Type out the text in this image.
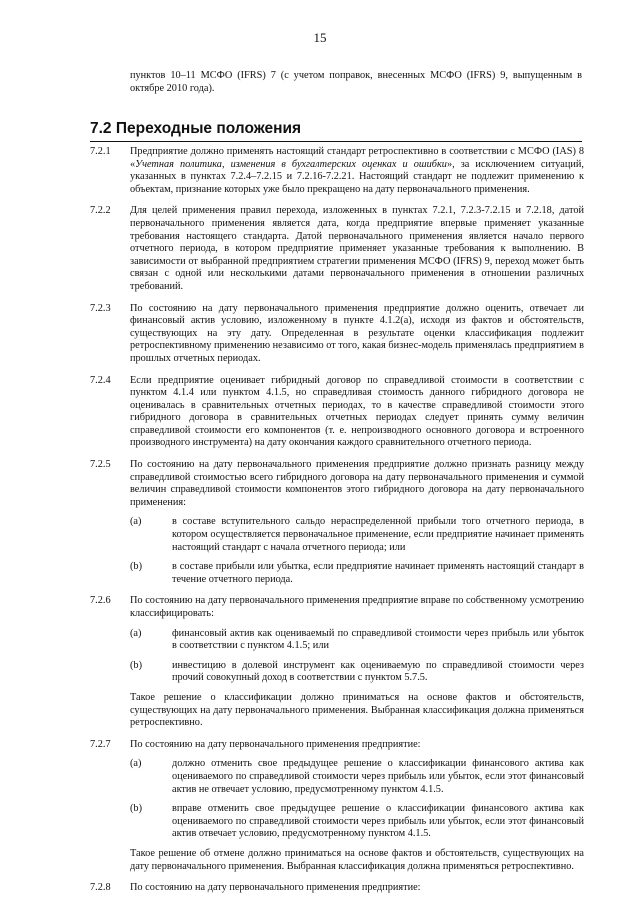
15
пунктов 10–11 МСФО (IFRS) 7 (с учетом поправок, внесенных МСФО (IFRS) 9, выпущенным в октябре 2010 года).
7.2 Переходные положения
7.2.1	Предприятие должно применять настоящий стандарт ретроспективно в соответствии с МСФО (IAS) 8 «Учетная политика, изменения в бухгалтерских оценках и ошибки», за исключением ситуаций, указанных в пунктах 7.2.4–7.2.15 и 7.2.16-7.2.21. Настоящий стандарт не подлежит применению к объектам, признание которых уже было прекращено на дату первоначального применения.

7.2.2	Для целей применения правил перехода, изложенных в пунктах 7.2.1, 7.2.3-7.2.15 и 7.2.18, датой первоначального применения является дата, когда предприятие впервые применяет указанные требования настоящего стандарта. Датой первоначального применения является начало первого отчетного периода, в котором предприятие применяет указанные требования к выполнению. В зависимости от выбранной предприятием стратегии применения МСФО (IFRS) 9, переход может быть связан с одной или несколькими датами первоначального применения в отношении различных требований.

7.2.3	По состоянию на дату первоначального применения предприятие должно оценить, отвечает ли финансовый актив условию, изложенному в пункте 4.1.2(а), исходя из фактов и обстоятельств, существующих на эту дату. Определенная в результате оценки классификация подлежит ретроспективному применению независимо от того, какая бизнес-модель применялась предприятием в прошлых отчетных периодах.

7.2.4	Если предприятие оценивает гибридный договор по справедливой стоимости в соответствии с пунктом 4.1.4 или пунктом 4.1.5, но справедливая стоимость данного гибридного договора не оценивалась в сравнительных отчетных периодах, то в качестве справедливой стоимости этого гибридного договора в сравнительных отчетных периодах следует принять сумму величин справедливой стоимости его компонентов (т. е. непроизводного основного договора и встроенного производного инструмента) на дату окончания каждого сравнительного отчетного периода.

7.2.5	По состоянию на дату первоначального применения предприятие должно признать разницу между справедливой стоимостью всего гибридного договора на дату первоначального применения и суммой величин справедливой стоимости компонентов этого гибридного договора на дату первоначального применения:

(a)	в составе вступительного сальдо нераспределенной прибыли того отчетного периода, в котором осуществляется первоначальное применение, если предприятие начинает применять настоящий стандарт с начала отчетного периода; или
(b)	в составе прибыли или убытка, если предприятие начинает применять настоящий стандарт в течение отчетного периода.
7.2.6	По состоянию на дату первоначального применения предприятие вправе по собственному усмотрению классифицировать:

(a)	финансовый актив как оцениваемый по справедливой стоимости через прибыль или убыток в соответствии с пунктом 4.1.5; или
(b)	инвестицию в долевой инструмент как оцениваемую по справедливой стоимости через прочий совокупный доход в соответствии с пунктом 5.7.5.

Такое решение о классификации должно приниматься на основе фактов и обстоятельств, существующих на дату первоначального применения. Выбранная классификация должна применяться ретроспективно.

7.2.7	По состоянию на дату первоначального применения предприятие:

(a)	должно отменить свое предыдущее решение о классификации финансового актива как оцениваемого по справедливой стоимости через прибыль или убыток, если этот финансовый актив не отвечает условию, предусмотренному пунктом 4.1.5.
(b)	вправе отменить свое предыдущее решение о классификации финансового актива как оцениваемого по справедливой стоимости через прибыль или убыток, если этот финансовый актив отвечает условию, предусмотренному пунктом 4.1.5.

Такое решение об отмене должно приниматься на основе фактов и обстоятельств, существующих на дату первоначального применения. Выбранная классификация должна применяться ретроспективно.

7.2.8	По состоянию на дату первоначального применения предприятие:
